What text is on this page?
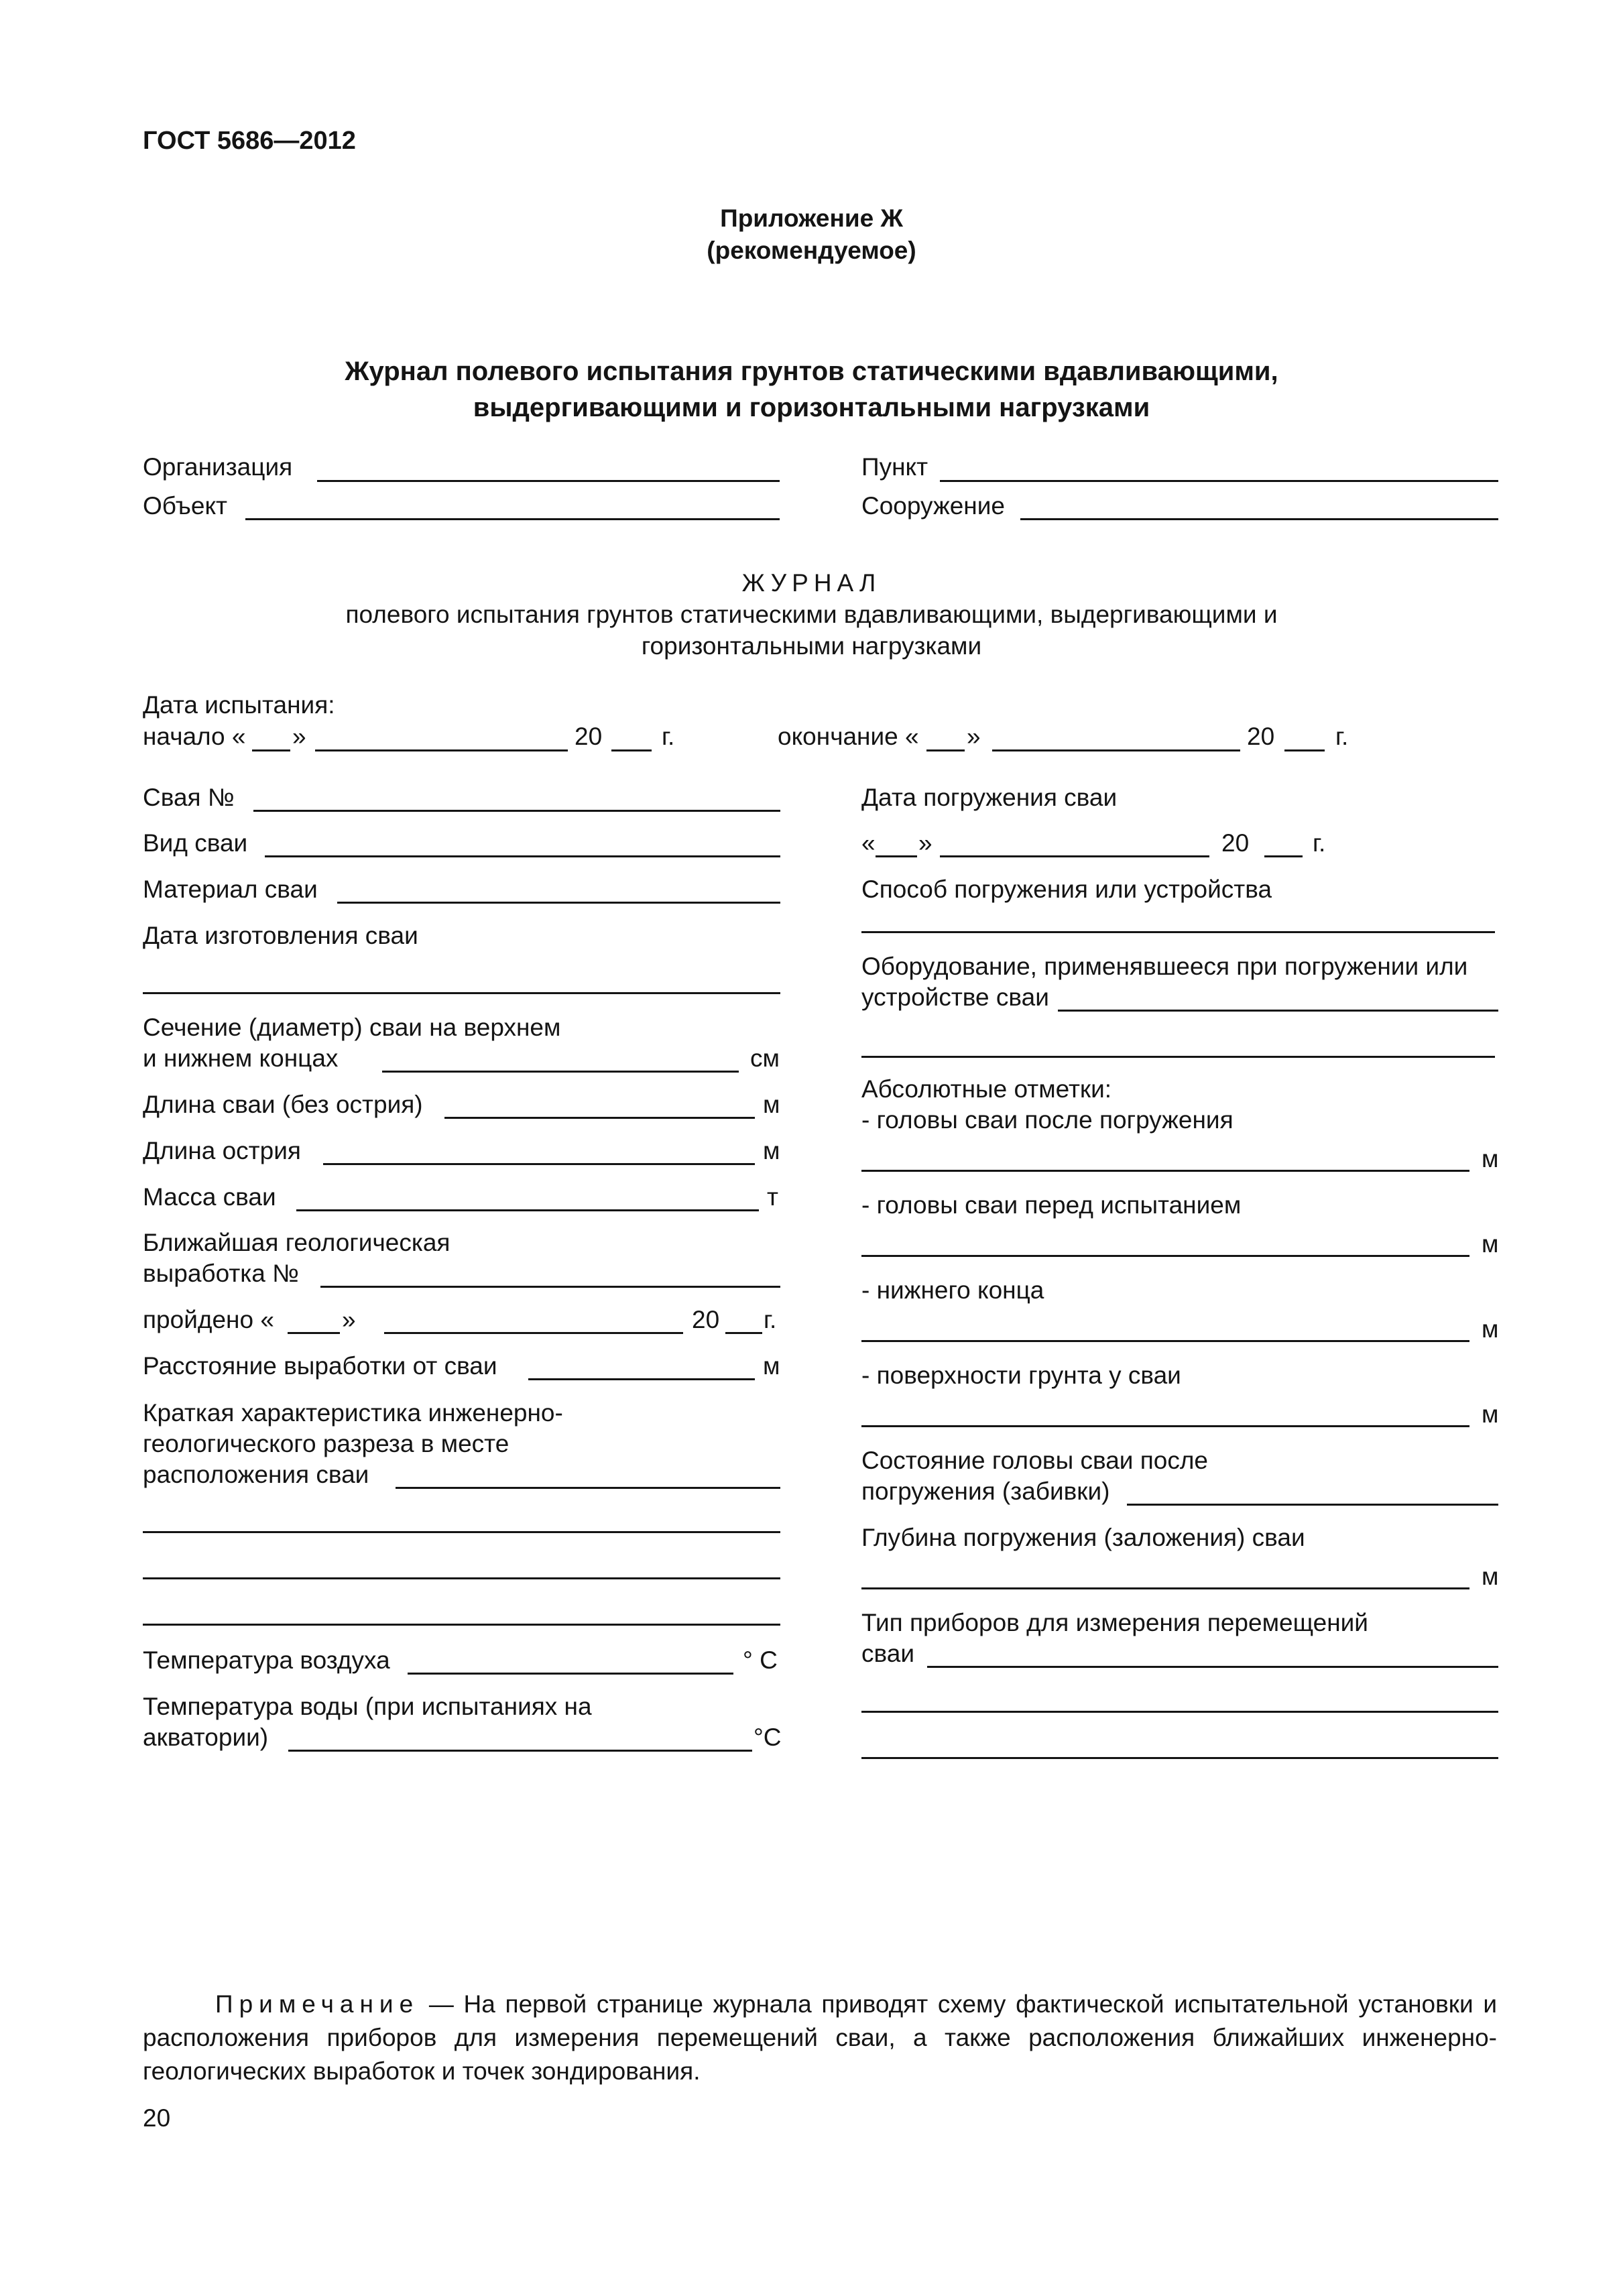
ГОСТ 5686—2012
Приложение Ж
(рекомендуемое)
Журнал полевого испытания грунтов статическими вдавливающими,
выдергивающими и горизонтальными нагрузками
Организация
Объект
Пункт
Сооружение
ЖУРНАЛ
полевого испытания грунтов статическими вдавливающими, выдергивающими и
горизонтальными нагрузками
Дата испытания:
начало « »	20 г.	окончание « »	20 г.
Свая №
Вид сваи
Материал сваи
Дата изготовления сваи
Сечение (диаметр) сваи на верхнем
и нижнем концах	см
Длина сваи (без острия)	м
Длина острия	м
Масса сваи	т
Ближайшая геологическая
выработка №
пройдено «	»	20 г.
Расстояние выработки от сваи	м
Краткая характеристика инженерно-
геологического разреза в месте
расположения сваи
Температура воздуха	° С
Температура воды (при испытаниях на
акватории)	°С
Дата погружения сваи
« »	20	г.
Способ погружения или устройства
Оборудование, применявшееся при погружении или
устройстве сваи
Абсолютные отметки:
- головы сваи после погружения
м
- головы сваи перед испытанием
м
- нижнего конца
м
- поверхности грунта у сваи
м
Состояние головы сваи после
погружения (забивки)
Глубина погружения (заложения) сваи
м
Тип приборов для измерения перемещений
сваи
Примечание — На первой странице журнала приводят схему фактической испытательной установки и расположения приборов для измерения перемещений сваи, а также расположения ближайших инженерно-геологических выработок и точек зондирования.
20
